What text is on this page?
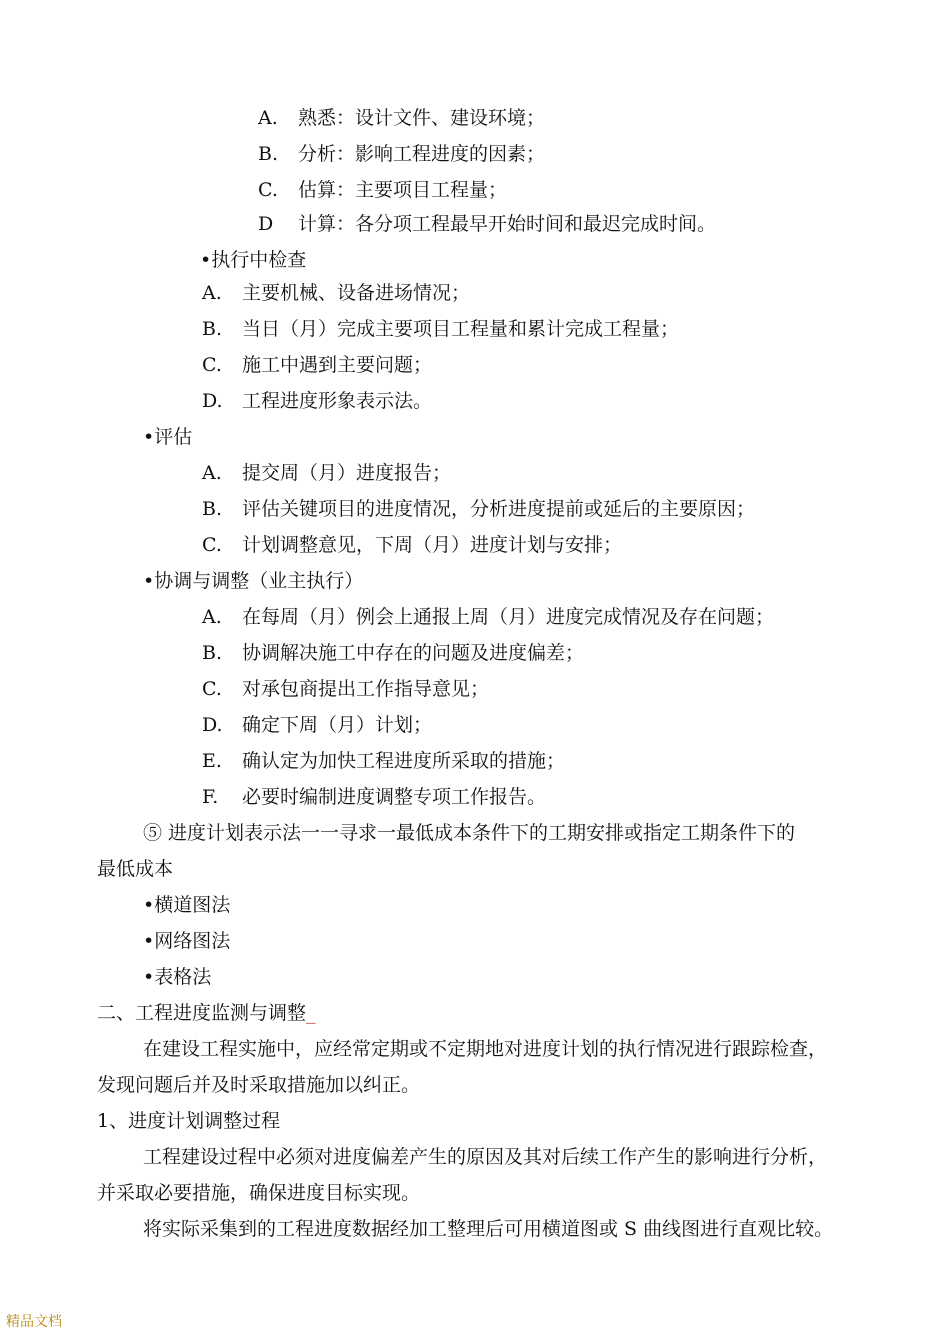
A. 熟悉：设计文件、建设环境；
B. 分析：影响工程进度的因素；
C. 估算：主要项目工程量；
D 计算：各分项工程最早开始时间和最迟完成时间。
•执行中检查
A. 主要机械、设备进场情况；
B. 当日（月）完成主要项目工程量和累计完成工程量；
C. 施工中遇到主要问题；
D. 工程进度形象表示法。
•评估
A. 提交周（月）进度报告；
B. 评估关键项目的进度情况，分析进度提前或延后的主要原因；
C. 计划调整意见，下周（月）进度计划与安排；
•协调与调整（业主执行）
A. 在每周（月）例会上通报上周（月）进度完成情况及存在问题；
B. 协调解决施工中存在的问题及进度偏差；
C. 对承包商提出工作指导意见；
D. 确定下周（月）计划；
E. 确认定为加快工程进度所采取的措施；
F. 必要时编制进度调整专项工作报告。
⑤ 进度计划表示法一一寻求一最低成本条件下的工期安排或指定工期条件下的
最低成本
•横道图法
•网络图法
•表格法
二、工程进度监测与调整_
在建设工程实施中，应经常定期或不定期地对进度计划的执行情况进行跟踪检查，
发现问题后并及时采取措施加以纠正。
1、进度计划调整过程
工程建设过程中必须对进度偏差产生的原因及其对后续工作产生的影响进行分析，
并采取必要措施，确保进度目标实现。
将实际采集到的工程进度数据经加工整理后可用横道图或 S 曲线图进行直观比较。
精品文档
